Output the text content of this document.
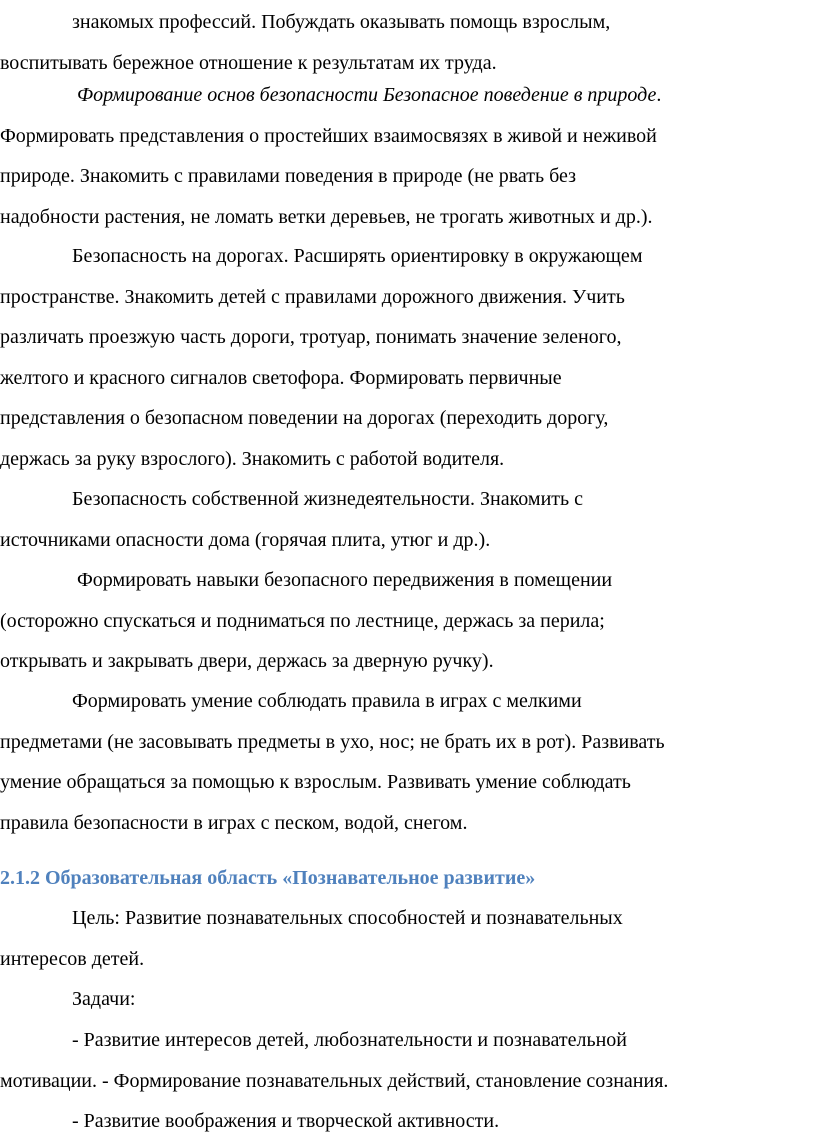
знакомых профессий. Побуждать оказывать помощь взрослым,
воспитывать бережное отношение к результатам их труда.
Формирование основ безопасности Безопасное поведение в природе.
Формировать представления о простейших взаимосвязях в живой и неживой
природе. Знакомить с правилами поведения в природе (не рвать без
надобности растения, не ломать ветки деревьев, не трогать животных и др.).
Безопасность на дорогах. Расширять ориентировку в окружающем
пространстве. Знакомить детей с правилами дорожного движения. Учить
различать проезжую часть дороги, тротуар, понимать значение зеленого,
желтого и красного сигналов светофора. Формировать первичные
представления о безопасном поведении на дорогах (переходить дорогу,
держась за руку взрослого). Знакомить с работой водителя.
Безопасность собственной жизнедеятельности. Знакомить с
источниками опасности дома (горячая плита, утюг и др.).
Формировать навыки безопасного передвижения в помещении
(осторожно спускаться и подниматься по лестнице, держась за перила;
открывать и закрывать двери, держась за дверную ручку).
Формировать умение соблюдать правила в играх с мелкими
предметами (не засовывать предметы в ухо, нос; не брать их в рот). Развивать
умение обращаться за помощью к взрослым. Развивать умение соблюдать
правила безопасности в играх с песком, водой, снегом.
2.1.2 Образовательная область «Познавательное развитие»
Цель: Развитие познавательных способностей и познавательных
интересов детей.
Задачи:
- Развитие интересов детей, любознательности и познавательной
мотивации. - Формирование познавательных действий, становление сознания.
- Развитие воображения и творческой активности.
